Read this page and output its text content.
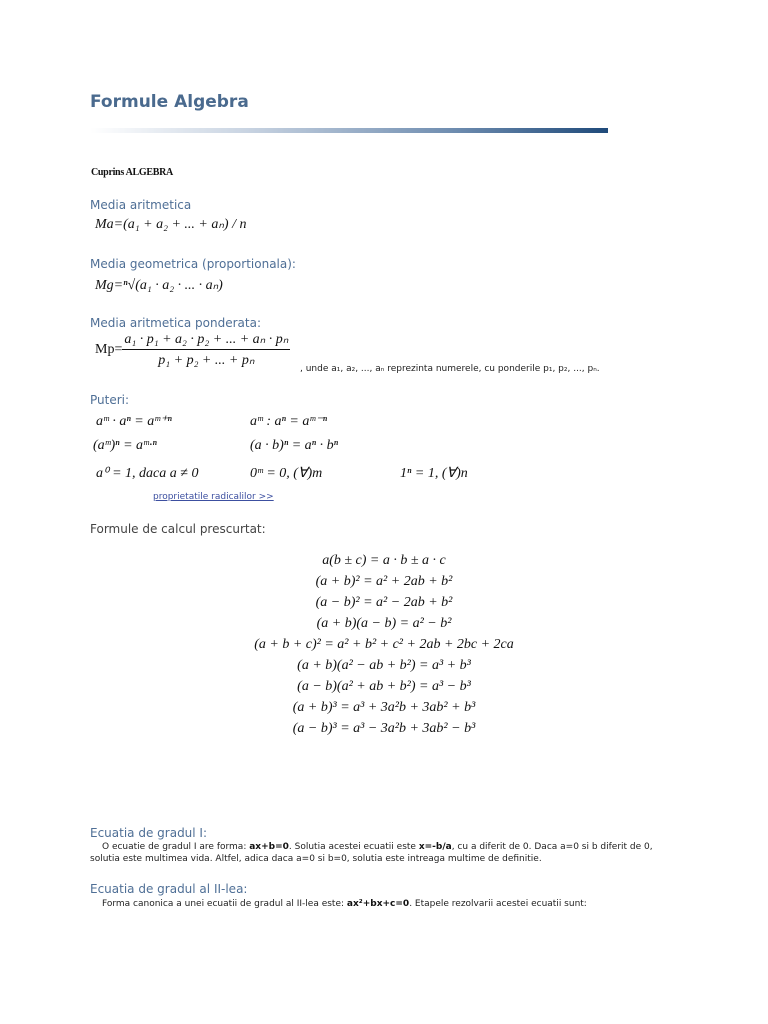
Formule Algebra
Cuprins ALGEBRA
Media aritmetica
Ma=(a₁ + a₂ + ... + aₙ) / n
Media geometrica (proportionala):
Mg=ⁿ√(a₁ · a₂ · ... · aₙ)
Media aritmetica ponderata:
$Mp= \frac{\text{a₁ · p₁ + a₂ · p₂ + ... + aₙ · pₙ}}{\text{p₁ + p₂ + ... + pₙ}}$ , unde a₁, a₂, ..., aₙ reprezinta numerele, cu ponderile p₁, p₂, ..., pₙ.
Puteri:
aᵐ · aⁿ = aᵐ⁺ⁿ	aᵐ : aⁿ = aᵐ⁻ⁿ
(aᵐ)ⁿ = aᵐ·ⁿ	(a · b)ⁿ = aⁿ · bⁿ
a⁰ = 1, daca a ≠ 0	0ᵐ = 0, (∀)m	1ⁿ = 1, (∀)n
proprietatile radicalilor >>
Formule de calcul prescurtat:
a(b ± c) = a · b ± a · c
(a + b)² = a² + 2ab + b²
(a − b)² = a² − 2ab + b²
(a + b)(a − b) = a² − b²
(a + b + c)² = a² + b² + c² + 2ab + 2bc + 2ca
(a + b)(a² − ab + b²) = a³ + b³
(a − b)(a² + ab + b²) = a³ − b³
(a + b)³ = a³ + 3a²b + 3ab² + b³
(a − b)³ = a³ − 3a²b + 3ab² − b³
Ecuatia de gradul I:
O ecuatie de gradul I are forma: ax+b=0. Solutia acestei ecuatii este x=-b/a, cu a diferit de 0. Daca a=0 si b diferit de 0, solutia este multimea vida. Altfel, adica daca a=0 si b=0, solutia este intreaga multime de definitie.
Ecuatia de gradul al II-lea:
Forma canonica a unei ecuatii de gradul al II-lea este: ax²+bx+c=0. Etapele rezolvarii acestei ecuatii sunt:
